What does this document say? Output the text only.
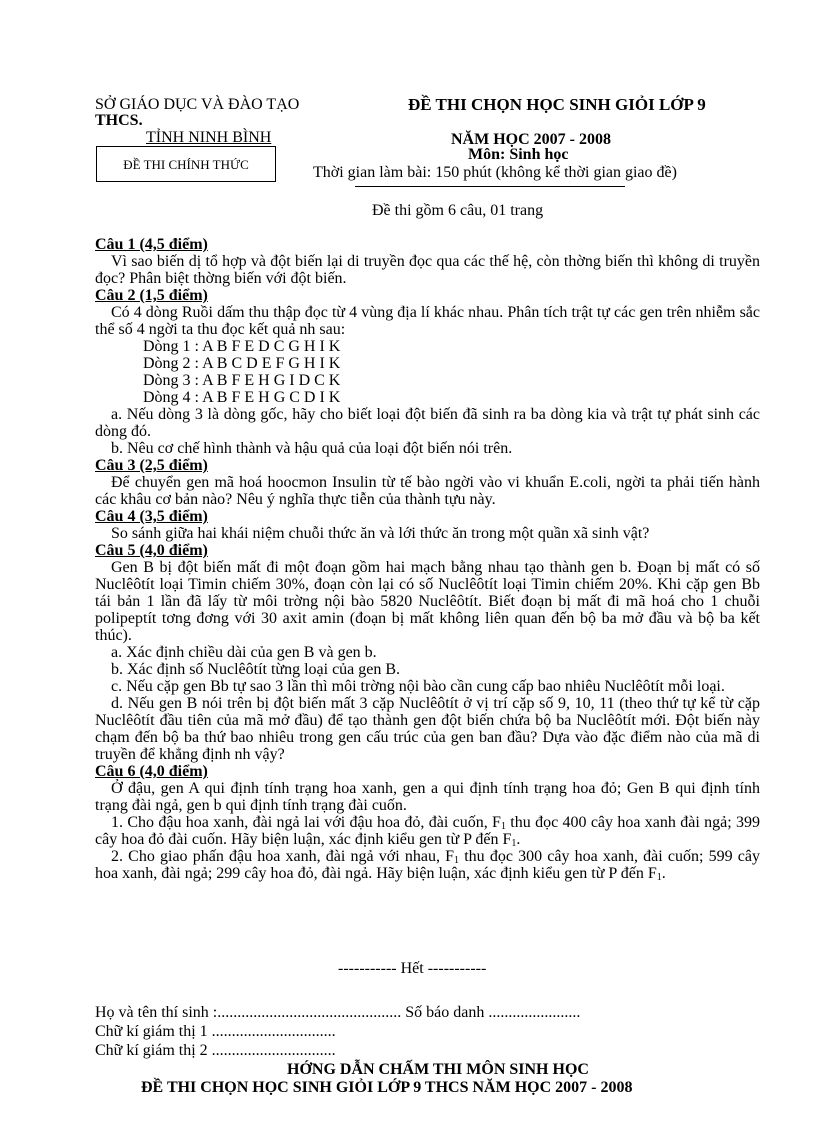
SỞ GIÁO DỤC VÀ ĐÀO TẠO
THCS.
TỈNH NINH BÌNH
ĐỀ THI CHÍNH THỨC
ĐỀ THI CHỌN HỌC SINH GIỎI LỚP 9
NĂM HỌC 2007 - 2008
Môn: Sinh học
Thời gian làm bài: 150 phút (không kể thời gian giao đề)
Đề thi gồm 6 câu, 01 trang

Câu 1 (4,5 điểm)

Vì sao biến dị tổ hợp và đột biến lại di truyền đọc qua các thế hệ, còn thờng biến thì không di truyền đọc? Phân biệt thờng biến với đột biến.

Câu 2 (1,5 điểm)

Có 4 dòng Ruồi dấm thu thập đọc từ 4 vùng địa lí khác nhau. Phân tích trật tự các gen trên nhiễm sắc thể số 4 ngời ta thu đọc kết quả nh sau:

Dòng 1 : A B F E D C G H I K

Dòng 2 : A B C D E F G H I K

Dòng 3 : A B F E H G I D C K

Dòng 4 : A B F E H G C D I K

a. Nếu dòng 3 là dòng gốc, hãy cho biết loại đột biến đã sinh ra ba dòng kia và trật tự phát sinh các dòng đó.

b. Nêu cơ chế hình thành và hậu quả của loại đột biến nói trên.

Câu 3 (2,5 điểm)

Để chuyển gen mã hoá hoocmon Insulin từ tế bào ngời vào vi khuẩn E.coli, ngời ta phải tiến hành các khâu cơ bản nào? Nêu ý nghĩa thực tiễn của thành tựu này.

Câu 4 (3,5 điểm)

So sánh giữa hai khái niệm chuỗi thức ăn và lới thức ăn trong một quần xã sinh vật?

Câu 5 (4,0 điểm)

Gen B bị đột biến mất đi một đoạn gồm hai mạch bằng nhau tạo thành gen b. Đoạn bị mất có số Nuclêôtít loại Timin chiếm 30%, đoạn còn lại có số Nuclêôtít loại Timin chiếm 20%. Khi cặp gen Bb tái bản 1 lần đã lấy từ môi trờng nội bào 5820 Nuclêôtít. Biết đoạn bị mất đi mã hoá cho 1 chuỗi polipeptít tơng đơng với 30 axit amin (đoạn bị mất không liên quan đến bộ ba mở đầu và bộ ba kết thúc).

a. Xác định chiều dài của gen B và gen b.

b. Xác định số Nuclêôtít từng loại của gen B.

c. Nếu cặp gen Bb tự sao 3 lần thì môi trờng nội bào cần cung cấp bao nhiêu Nuclêôtít mỗi loại.

d. Nếu gen B nói trên bị đột biến mất 3 cặp Nuclêôtít ở vị trí cặp số 9, 10, 11 (theo thứ tự kể từ cặp Nuclêôtít đầu tiên của mã mở đầu) để tạo thành gen đột biến chứa bộ ba Nuclêôtít mới. Đột biến này chạm đến bộ ba thứ bao nhiêu trong gen cấu trúc của gen ban đầu? Dựa vào đặc điểm nào của mã di truyền để khẳng định nh vậy?

Câu 6 (4,0 điểm)

Ở đậu, gen A qui định tính trạng hoa xanh, gen a qui định tính trạng hoa đỏ; Gen B qui định tính trạng đài ngả, gen b qui định tính trạng đài cuốn.

1. Cho đậu hoa xanh, đài ngả lai với đậu hoa đỏ, đài cuốn, $F_1$ thu đọc 400 cây hoa xanh đài ngả; 399 cây hoa đỏ đài cuốn. Hãy biện luận, xác định kiểu gen từ P đến $F_1$.

2. Cho giao phấn đậu hoa xanh, đài ngả với nhau, $F_1$ thu đọc 300 cây hoa xanh, đài cuốn; 599 cây hoa xanh, đài ngả; 299 cây hoa đỏ, đài ngả. Hãy biện luận, xác định kiểu gen từ P đến $F_1$.

----------- Hết -----------
Họ và tên thí sinh :.............................................. Số báo danh .......................
Chữ kí giám thị 1 ...............................
Chữ kí giám thị 2 ...............................
HỚNG DẪN CHẤM THI MÔN SINH HỌC
ĐỀ THI CHỌN HỌC SINH GIỎI LỚP 9 THCS NĂM HỌC 2007 - 2008
